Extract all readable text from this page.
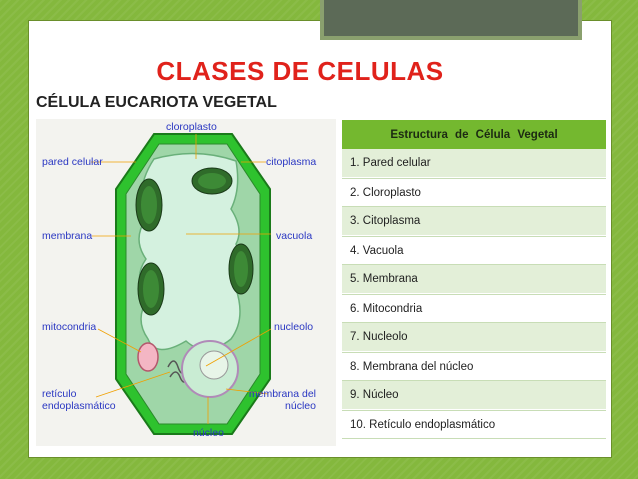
CLASES DE CELULAS
CÉLULA EUCARIOTA VEGETAL
cloroplasto
pared celular	citoplasma
membrana	vacuola
mitocondria	nucleolo
retículo
endoplasmático
membrana del
núcleo
núcleo
Estructura de Célula Vegetal
1. Pared celular
2. Cloroplasto
3. Citoplasma
4. Vacuola
5. Membrana
6. Mitocondria
7. Nucleolo
8. Membrana del núcleo
9. Núcleo
10. Retículo endoplasmático
